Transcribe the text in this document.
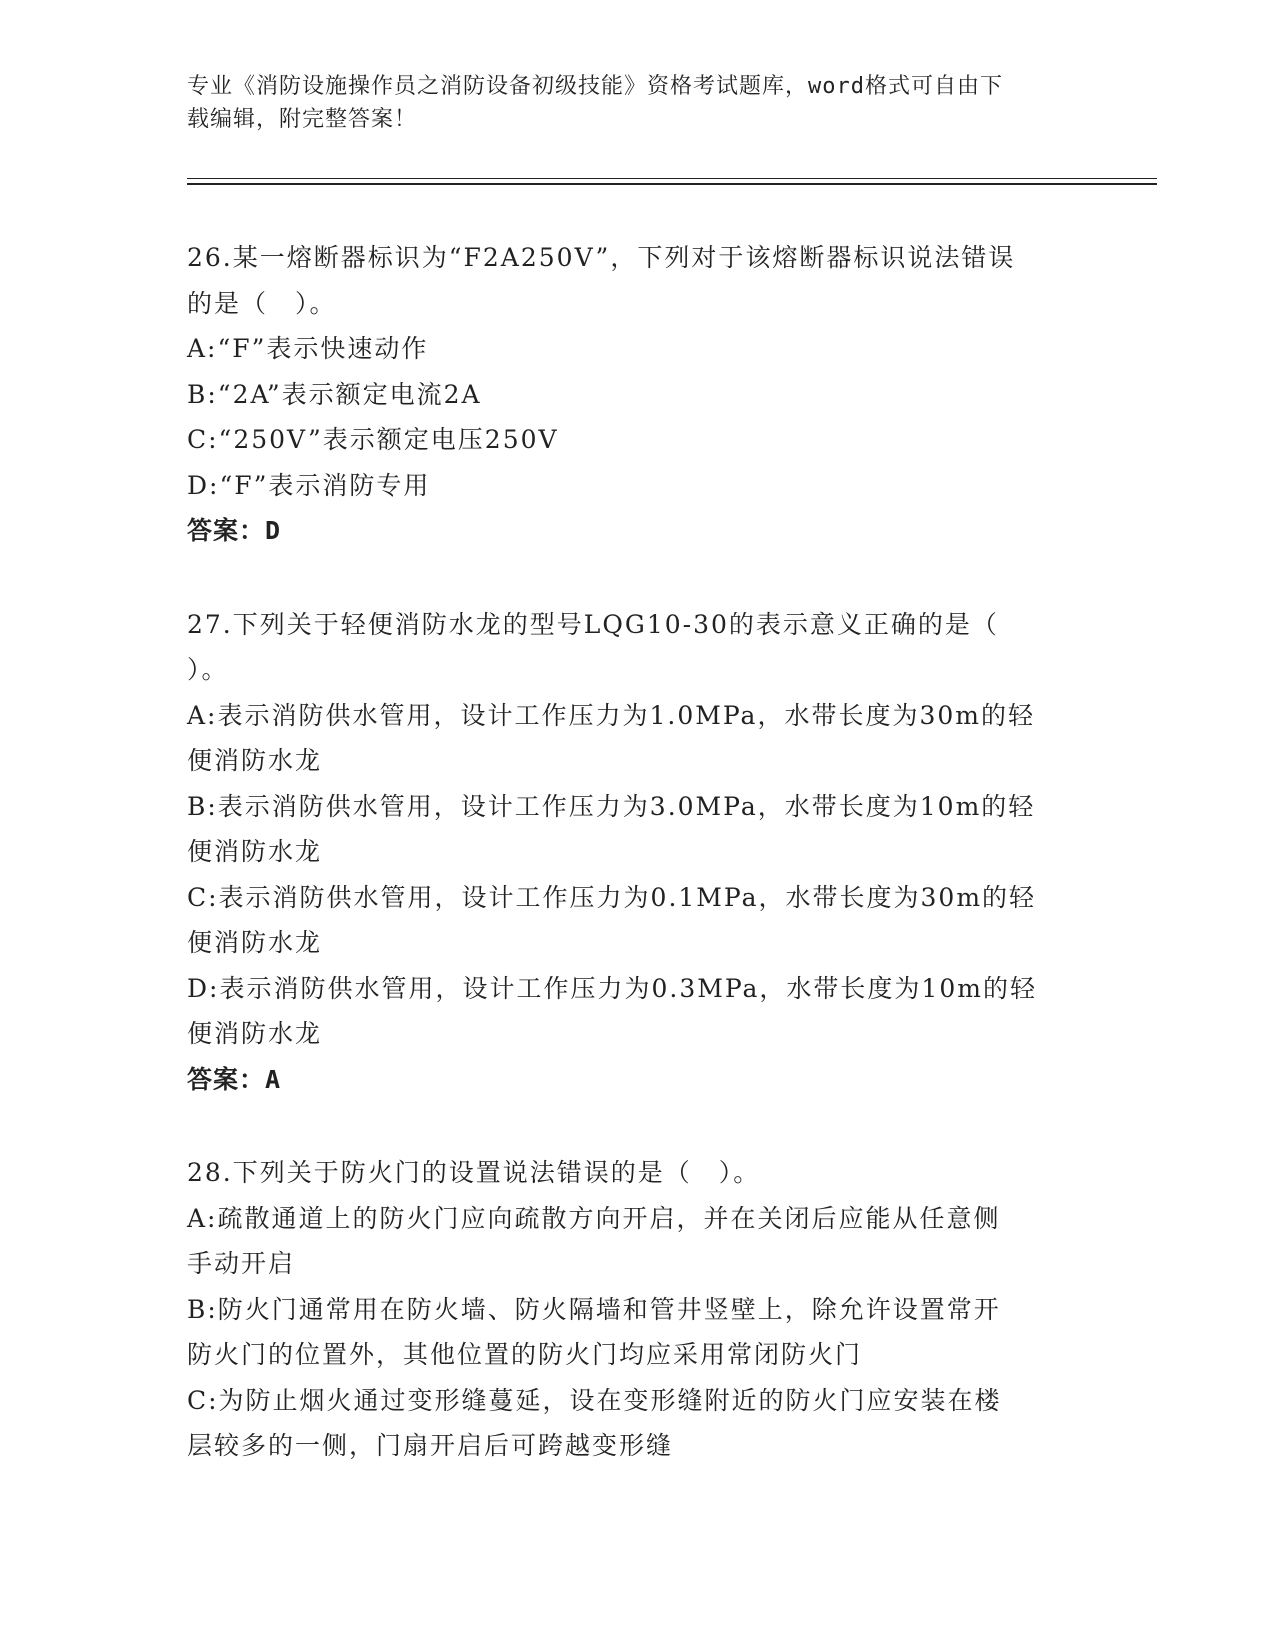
专业《消防设施操作员之消防设备初级技能》资格考试题库，word格式可自由下
载编辑，附完整答案！
26.某一熔断器标识为“F2A250V”，下列对于该熔断器标识说法错误
的是（　）。
A:“F”表示快速动作
B:“2A”表示额定电流2A
C:“250V”表示额定电压250V
D:“F”表示消防专用
答案：D
27.下列关于轻便消防水龙的型号LQG10-30的表示意义正确的是（
）。
A:表示消防供水管用，设计工作压力为1.0MPa，水带长度为30m的轻
便消防水龙
B:表示消防供水管用，设计工作压力为3.0MPa，水带长度为10m的轻
便消防水龙
C:表示消防供水管用，设计工作压力为0.1MPa，水带长度为30m的轻
便消防水龙
D:表示消防供水管用，设计工作压力为0.3MPa，水带长度为10m的轻
便消防水龙
答案：A
28.下列关于防火门的设置说法错误的是（　）。
A:疏散通道上的防火门应向疏散方向开启，并在关闭后应能从任意侧
手动开启
B:防火门通常用在防火墙、防火隔墙和管井竖壁上，除允许设置常开
防火门的位置外，其他位置的防火门均应采用常闭防火门
C:为防止烟火通过变形缝蔓延，设在变形缝附近的防火门应安装在楼
层较多的一侧，门扇开启后可跨越变形缝
